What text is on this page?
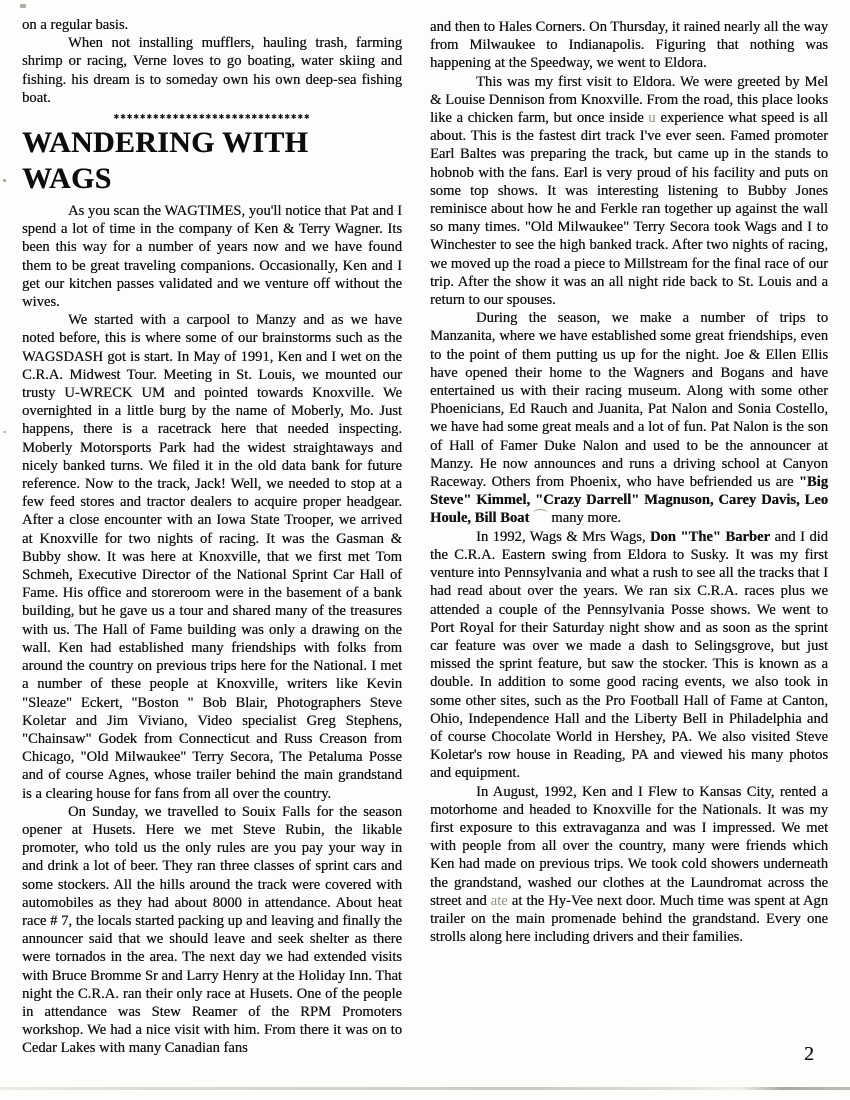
on a regular basis.

When not installing mufflers, hauling trash, farming shrimp or racing, Verne loves to go boating, water skiing and fishing. his dream is to someday own his own deep-sea fishing boat.

✱✱✱✱✱✱✱✱✱✱✱✱✱✱✱✱✱✱✱✱✱✱✱✱✱✱✱✱✱✱
WANDERING WITH WAGS

As you scan the WAGTIMES, you'll notice that Pat and I spend a lot of time in the company of Ken & Terry Wagner. Its been this way for a number of years now and we have found them to be great traveling companions. Occasionally, Ken and I get our kitchen passes validated and we venture off without the wives.

We started with a carpool to Manzy and as we have noted before, this is where some of our brainstorms such as the WAGSDASH got is start. In May of 1991, Ken and I wet on the C.R.A. Midwest Tour. Meeting in St. Louis, we mounted our trusty U-WRECK UM and pointed towards Knoxville. We overnighted in a little burg by the name of Moberly, Mo. Just happens, there is a racetrack here that needed inspecting. Moberly Motorsports Park had the widest straightaways and nicely banked turns. We filed it in the old data bank for future reference. Now to the track, Jack! Well, we needed to stop at a few feed stores and tractor dealers to acquire proper headgear. After a close encounter with an Iowa State Trooper, we arrived at Knoxville for two nights of racing. It was the Gasman & Bubby show. It was here at Knoxville, that we first met Tom Schmeh, Executive Director of the National Sprint Car Hall of Fame. His office and storeroom were in the basement of a bank building, but he gave us a tour and shared many of the treasures with us. The Hall of Fame building was only a drawing on the wall. Ken had established many friendships with folks from around the country on previous trips here for the National. I met a number of these people at Knoxville, writers like Kevin "Sleaze" Eckert, "Boston " Bob Blair, Photographers Steve Koletar and Jim Viviano, Video specialist Greg Stephens, "Chainsaw" Godek from Connecticut and Russ Creason from Chicago, "Old Milwaukee" Terry Secora, The Petaluma Posse and of course Agnes, whose trailer behind the main grandstand is a clearing house for fans from all over the country.

On Sunday, we travelled to Souix Falls for the season opener at Husets. Here we met Steve Rubin, the likable promoter, who told us the only rules are you pay your way in and drink a lot of beer. They ran three classes of sprint cars and some stockers. All the hills around the track were covered with automobiles as they had about 8000 in attendance. About heat race # 7, the locals started packing up and leaving and finally the announcer said that we should leave and seek shelter as there were tornados in the area. The next day we had extended visits with Bruce Bromme Sr and Larry Henry at the Holiday Inn. That night the C.R.A. ran their only race at Husets. One of the people in attendance was Stew Reamer of the RPM Promoters workshop. We had a nice visit with him. From there it was on to Cedar Lakes with many Canadian fans

and then to Hales Corners. On Thursday, it rained nearly all the way from Milwaukee to Indianapolis. Figuring that nothing was happening at the Speedway, we went to Eldora.

This was my first visit to Eldora. We were greeted by Mel & Louise Dennison from Knoxville. From the road, this place looks like a chicken farm, but once inside u experience what speed is all about. This is the fastest dirt track I've ever seen. Famed promoter Earl Baltes was preparing the track, but came up in the stands to hobnob with the fans. Earl is very proud of his facility and puts on some top shows. It was interesting listening to Bubby Jones reminisce about how he and Ferkle ran together up against the wall so many times. "Old Milwaukee" Terry Secora took Wags and I to Winchester to see the high banked track. After two nights of racing, we moved up the road a piece to Millstream for the final race of our trip. After the show it was an all night ride back to St. Louis and a return to our spouses.

During the season, we make a number of trips to Manzanita, where we have established some great friendships, even to the point of them putting us up for the night. Joe & Ellen Ellis have opened their home to the Wagners and Bogans and have entertained us with their racing museum. Along with some other Phoenicians, Ed Rauch and Juanita, Pat Nalon and Sonia Costello, we have had some great meals and a lot of fun. Pat Nalon is the son of Hall of Famer Duke Nalon and used to be the announcer at Manzy. He now announces and runs a driving school at Canyon Raceway. Others from Phoenix, who have befriended us are "Big Steve" Kimmel, "Crazy Darrell" Magnuson, Carey Davis, Leo Houle, Bill Boat ⌒ many more.

In 1992, Wags & Mrs Wags, Don "The" Barber and I did the C.R.A. Eastern swing from Eldora to Susky. It was my first venture into Pennsylvania and what a rush to see all the tracks that I had read about over the years. We ran six C.R.A. races plus we attended a couple of the Pennsylvania Posse shows. We went to Port Royal for their Saturday night show and as soon as the sprint car feature was over we made a dash to Selingsgrove, but just missed the sprint feature, but saw the stocker. This is known as a double. In addition to some good racing events, we also took in some other sites, such as the Pro Football Hall of Fame at Canton, Ohio, Independence Hall and the Liberty Bell in Philadelphia and of course Chocolate World in Hershey, PA. We also visited Steve Koletar's row house in Reading, PA and viewed his many photos and equipment.

In August, 1992, Ken and I Flew to Kansas City, rented a motorhome and headed to Knoxville for the Nationals. It was my first exposure to this extravaganza and was I impressed. We met with people from all over the country, many were friends which Ken had made on previous trips. We took cold showers underneath the grandstand, washed our clothes at the Laundromat across the street and ate at the Hy-Vee next door. Much time was spent at Agn trailer on the main promenade behind the grandstand. Every one strolls along here including drivers and their families.

2
